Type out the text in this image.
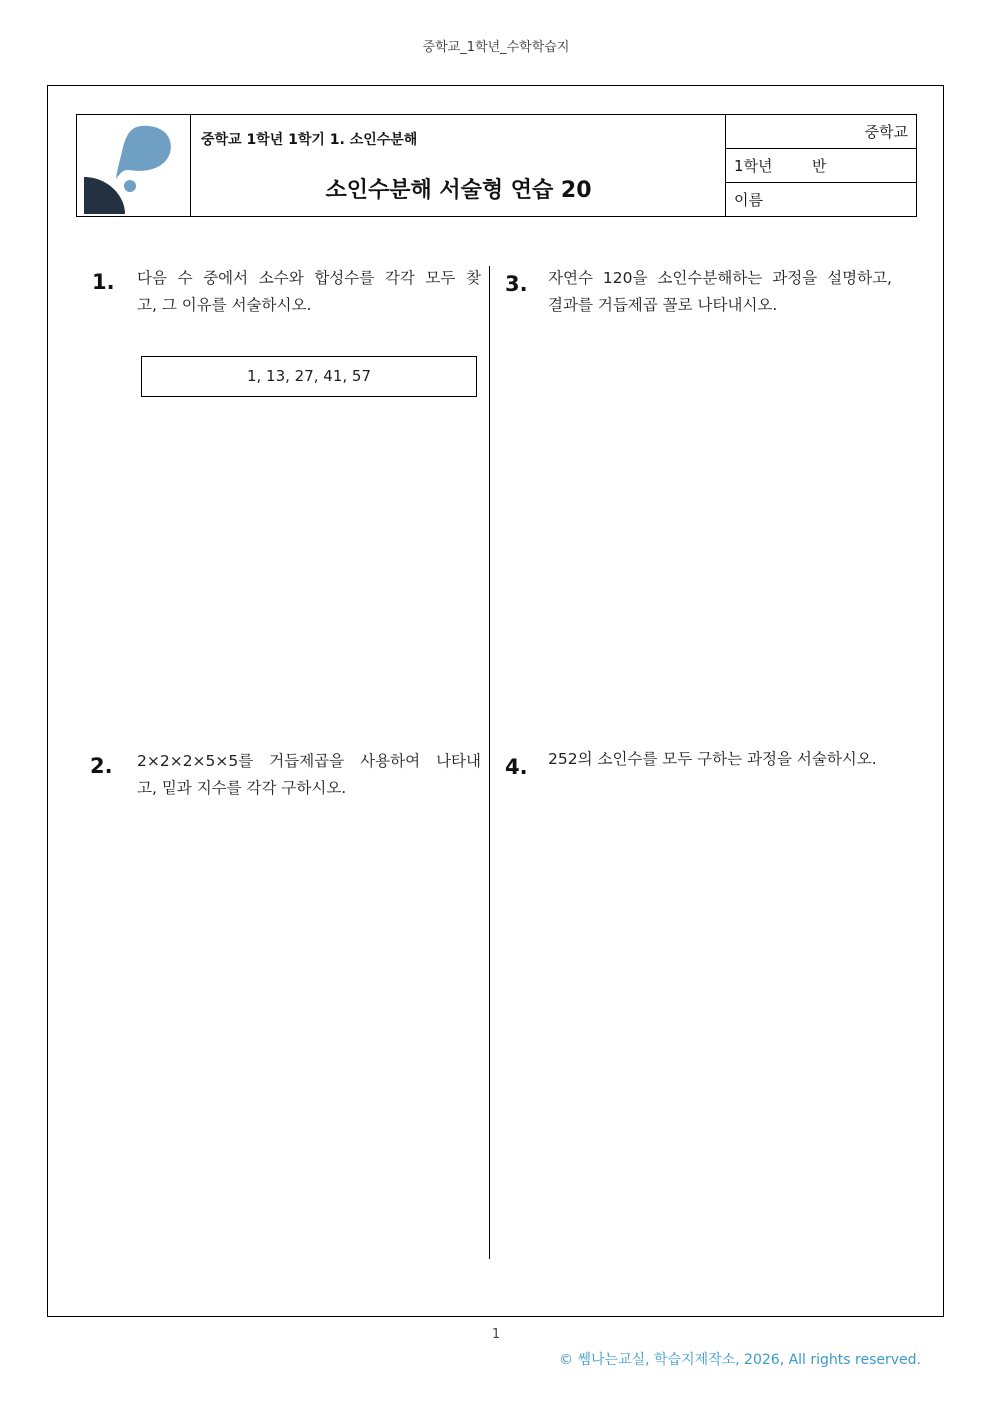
중학교_1학년_수학학습지
중학교 1학년 1학기 1. 소인수분해
소인수분해 서술형 연습 20
중학교
1학년	반
이름
1. 다음 수 중에서 소수와 합성수를 각각 모두 찾
고, 그 이유를 서술하시오.
1, 13, 27, 41, 57
3. 자연수 120을 소인수분해하는 과정을 설명하고,
결과를 거듭제곱 꼴로 나타내시오.
2. 2×2×2×5×5를 거듭제곱을 사용하여 나타내
고, 밑과 지수를 각각 구하시오.
4. 252의 소인수를 모두 구하는 과정을 서술하시오.
1
© 쎔나는교실, 학습지제작소, 2026, All rights reserved.
